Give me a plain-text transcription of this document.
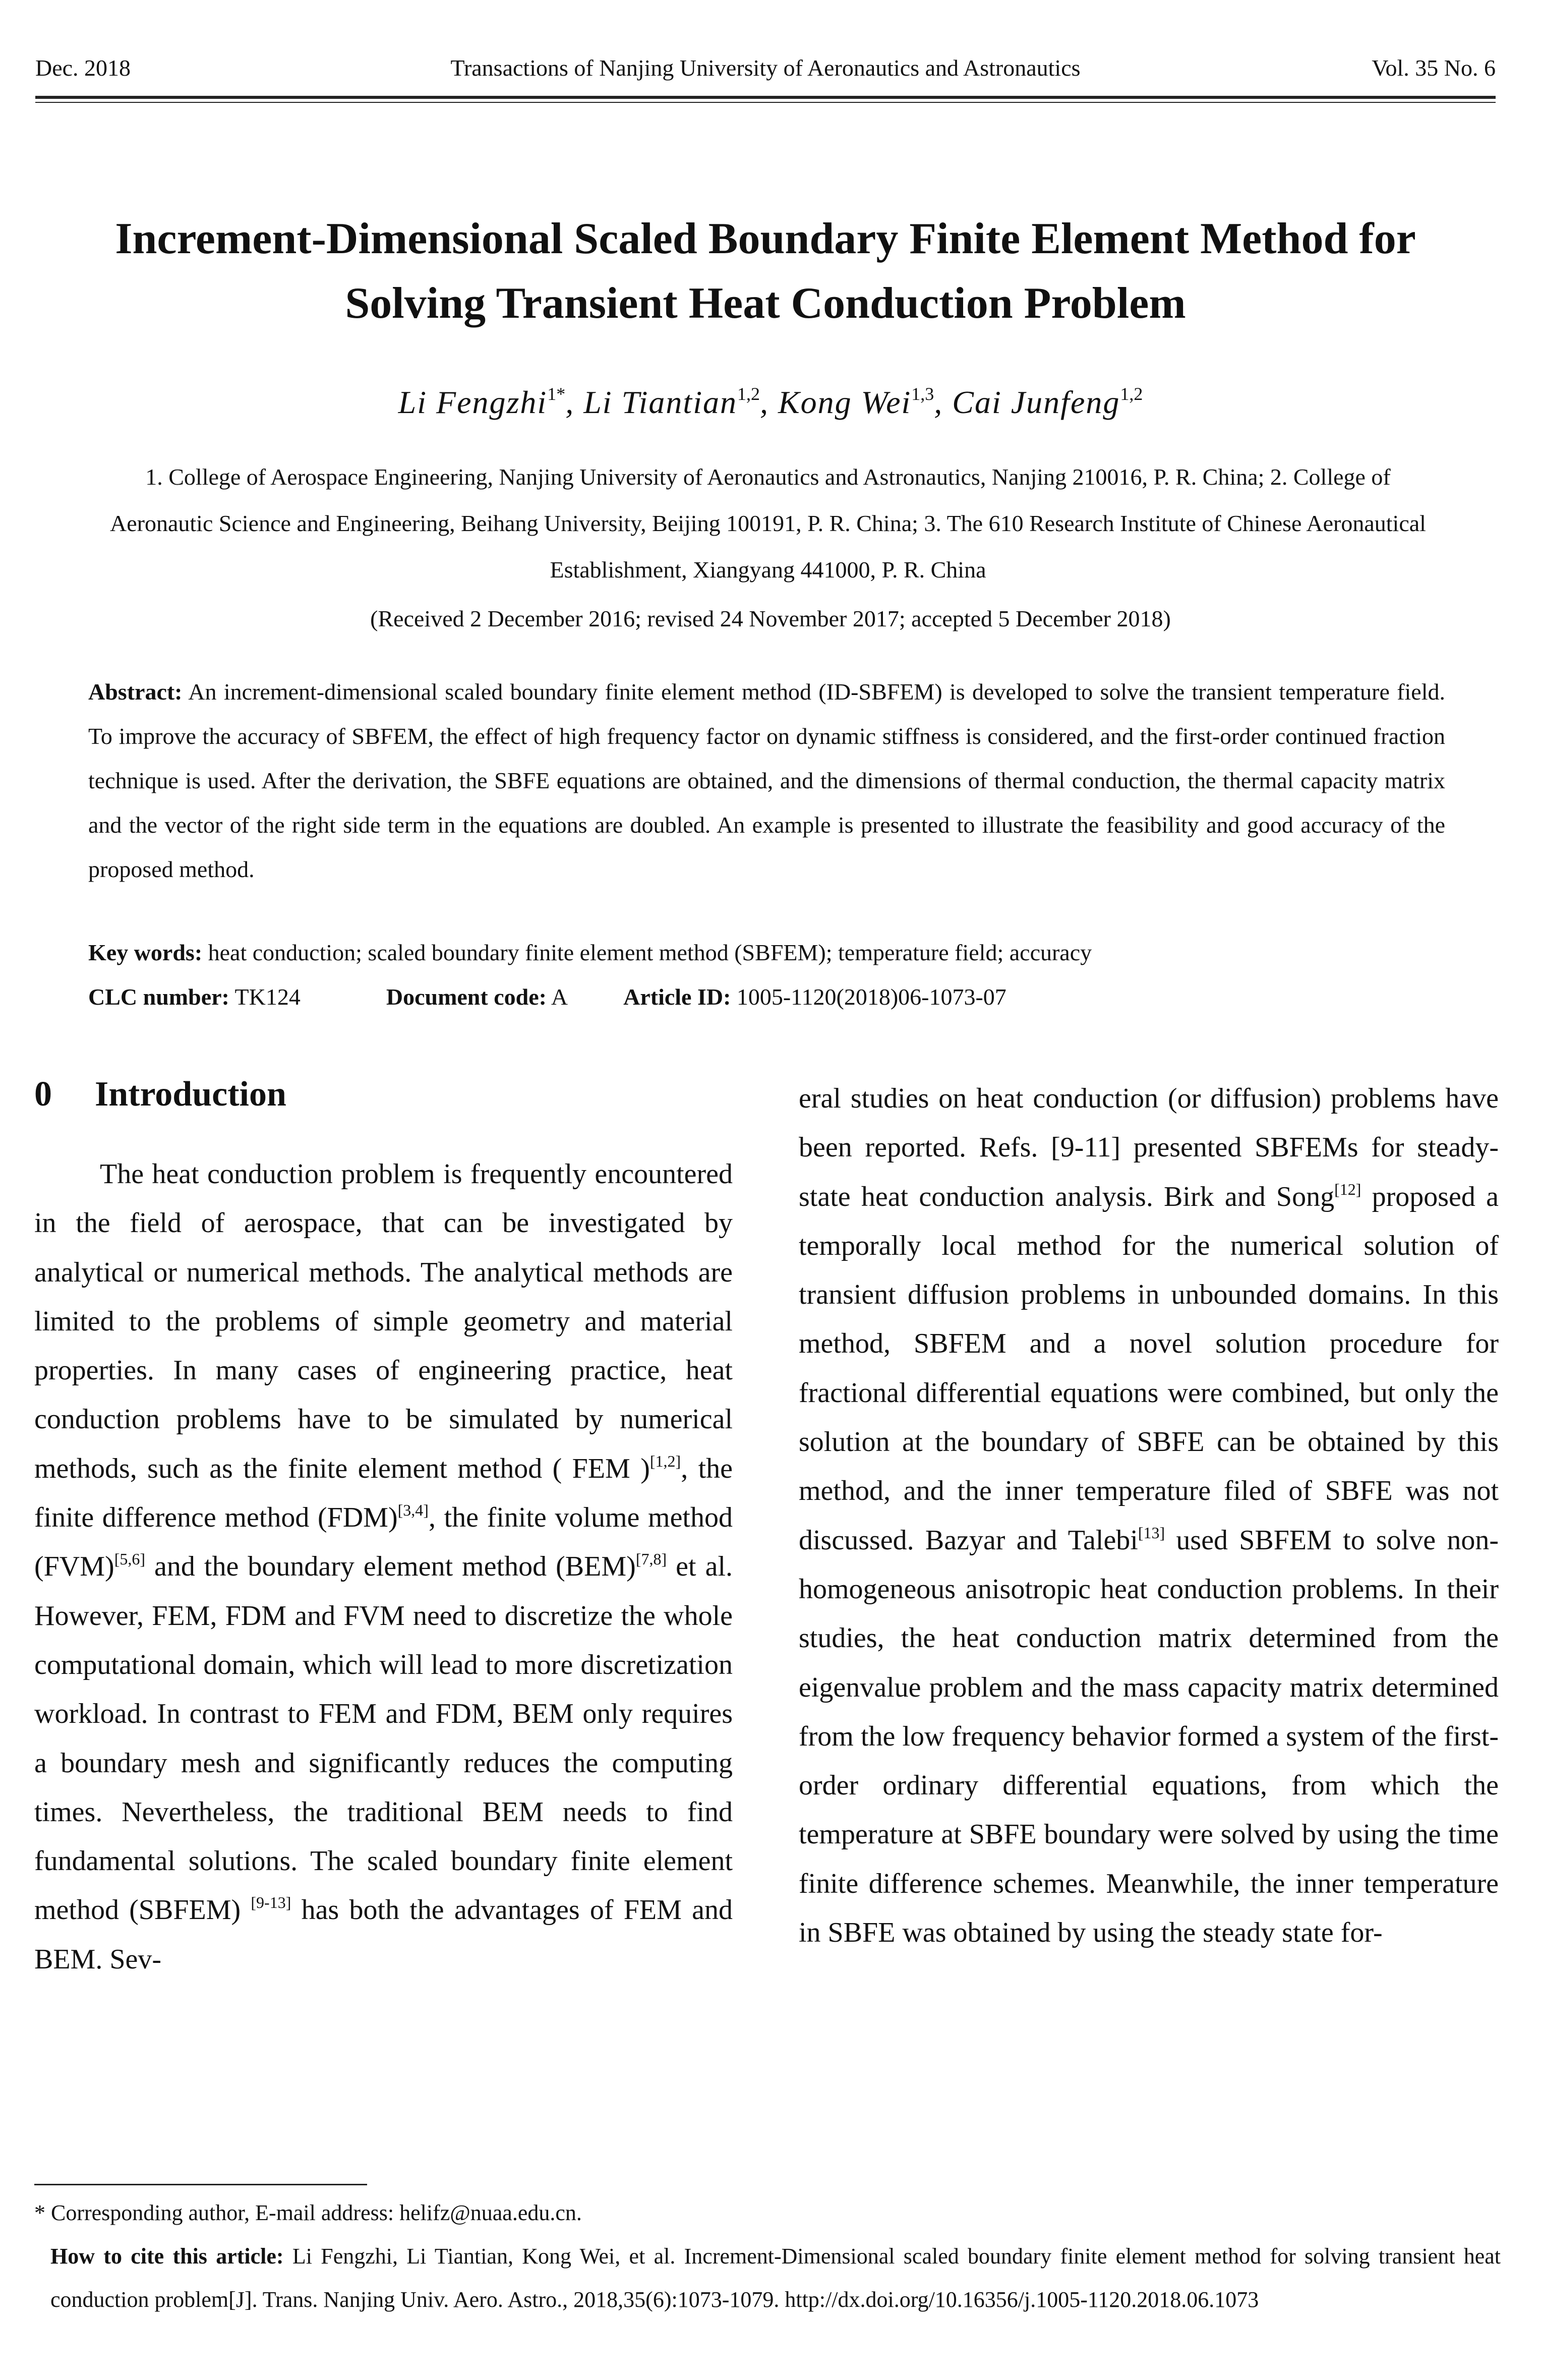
Dec. 2018	Transactions of Nanjing University of Aeronautics and Astronautics	Vol. 35 No. 6
Increment-Dimensional Scaled Boundary Finite Element Method for
Solving Transient Heat Conduction Problem
Li Fengzhi$^{1*}$, Li Tiantian$^{1,2}$, Kong Wei$^{1,3}$, Cai Junfeng$^{1,2}$
1. College of Aerospace Engineering, Nanjing University of Aeronautics and Astronautics, Nanjing 210016, P. R. China; 2. College of Aeronautic Science and Engineering, Beihang University, Beijing 100191, P. R. China; 3. The 610 Research Institute of Chinese Aeronautical Establishment, Xiangyang 441000, P. R. China
(Received 2 December 2016; revised 24 November 2017; accepted 5 December 2018)
Abstract: An increment-dimensional scaled boundary finite element method (ID-SBFEM) is developed to solve the transient temperature field. To improve the accuracy of SBFEM, the effect of high frequency factor on dynamic stiffness is considered, and the first-order continued fraction technique is used. After the derivation, the SBFE equations are obtained, and the dimensions of thermal conduction, the thermal capacity matrix and the vector of the right side term in the equations are doubled. An example is presented to illustrate the feasibility and good accuracy of the proposed method.
Key words: heat conduction; scaled boundary finite element method (SBFEM); temperature field; accuracy
CLC number: TK124	Document code: A Article ID: 1005-1120(2018)06-1073-07
0 Introduction
The heat conduction problem is frequently encountered in the field of aerospace, that can be investigated by analytical or numerical methods. The analytical methods are limited to the problems of simple geometry and material properties. In many cases of engineering practice, heat conduction problems have to be simulated by numerical methods, such as the finite element method ( FEM )[1,2], the finite difference method (FDM)[3,4], the finite volume method (FVM)[5,6] and the boundary element method (BEM)[7,8] et al. However, FEM, FDM and FVM need to discretize the whole computational domain, which will lead to more discretization workload. In contrast to FEM and FDM, BEM only requires a boundary mesh and significantly reduces the computing times. Nevertheless, the traditional BEM needs to find fundamental solutions. The scaled boundary finite element method (SBFEM) [9-13] has both the advantages of FEM and BEM. Sev-
eral studies on heat conduction (or diffusion) problems have been reported. Refs. [9-11] presented SBFEMs for steady-state heat conduction analysis. Birk and Song[12] proposed a temporally local method for the numerical solution of transient diffusion problems in unbounded domains. In this method, SBFEM and a novel solution procedure for fractional differential equations were combined, but only the solution at the boundary of SBFE can be obtained by this method, and the inner temperature filed of SBFE was not discussed. Bazyar and Talebi[13] used SBFEM to solve non-homogeneous anisotropic heat conduction problems. In their studies, the heat conduction matrix determined from the eigenvalue problem and the mass capacity matrix determined from the low frequency behavior formed a system of the first-order ordinary differential equations, from which the temperature at SBFE boundary were solved by using the time finite difference schemes. Meanwhile, the inner temperature in SBFE was obtained by using the steady state for-
* Corresponding author, E-mail address: helifz@nuaa.edu.cn.
How to cite this article: Li Fengzhi, Li Tiantian, Kong Wei, et al. Increment-Dimensional scaled boundary finite element method for solving transient heat conduction problem[J]. Trans. Nanjing Univ. Aero. Astro., 2018,35(6):1073-1079. http://dx.doi.org/10.16356/j.1005-1120.2018.06.1073
